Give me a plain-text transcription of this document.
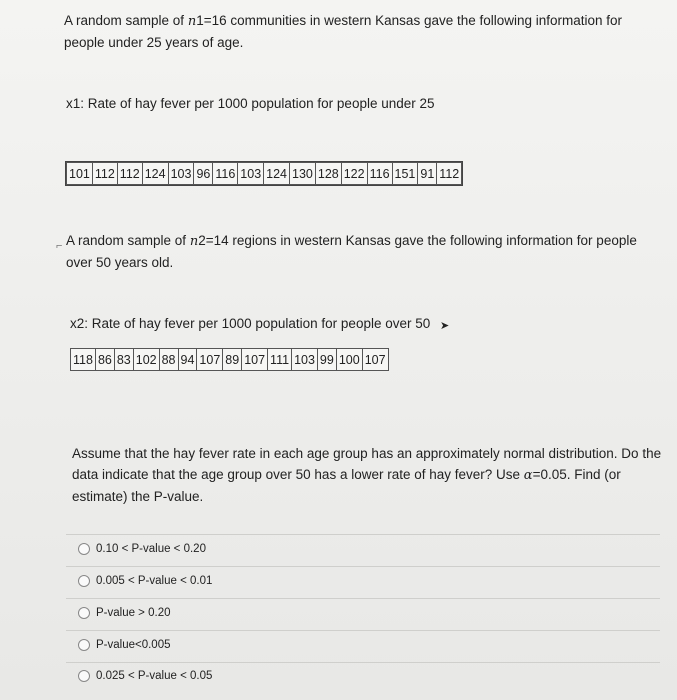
A random sample of n1=16 communities in western Kansas gave the following information for people under 25 years of age.
x1: Rate of hay fever per 1000 population for people under 25
101	112	112	124	103	96	116	103	124	130	128	122	116	151	91	112
⌐ A random sample of n2=14 regions in western Kansas gave the following information for people over 50 years old.
x2: Rate of hay fever per 1000 population for people over 50 ➤
118	86	83	102	88	94	107	89	107	111	103	99	100	107
Assume that the hay fever rate in each age group has an approximately normal distribution. Do the data indicate that the age group over 50 has a lower rate of hay fever? Use α=0.05. Find (or estimate) the P-value.
0.10 < P-value < 0.20
0.005 < P-value < 0.01
P-value > 0.20
P-value<0.005
0.025 < P-value < 0.05
